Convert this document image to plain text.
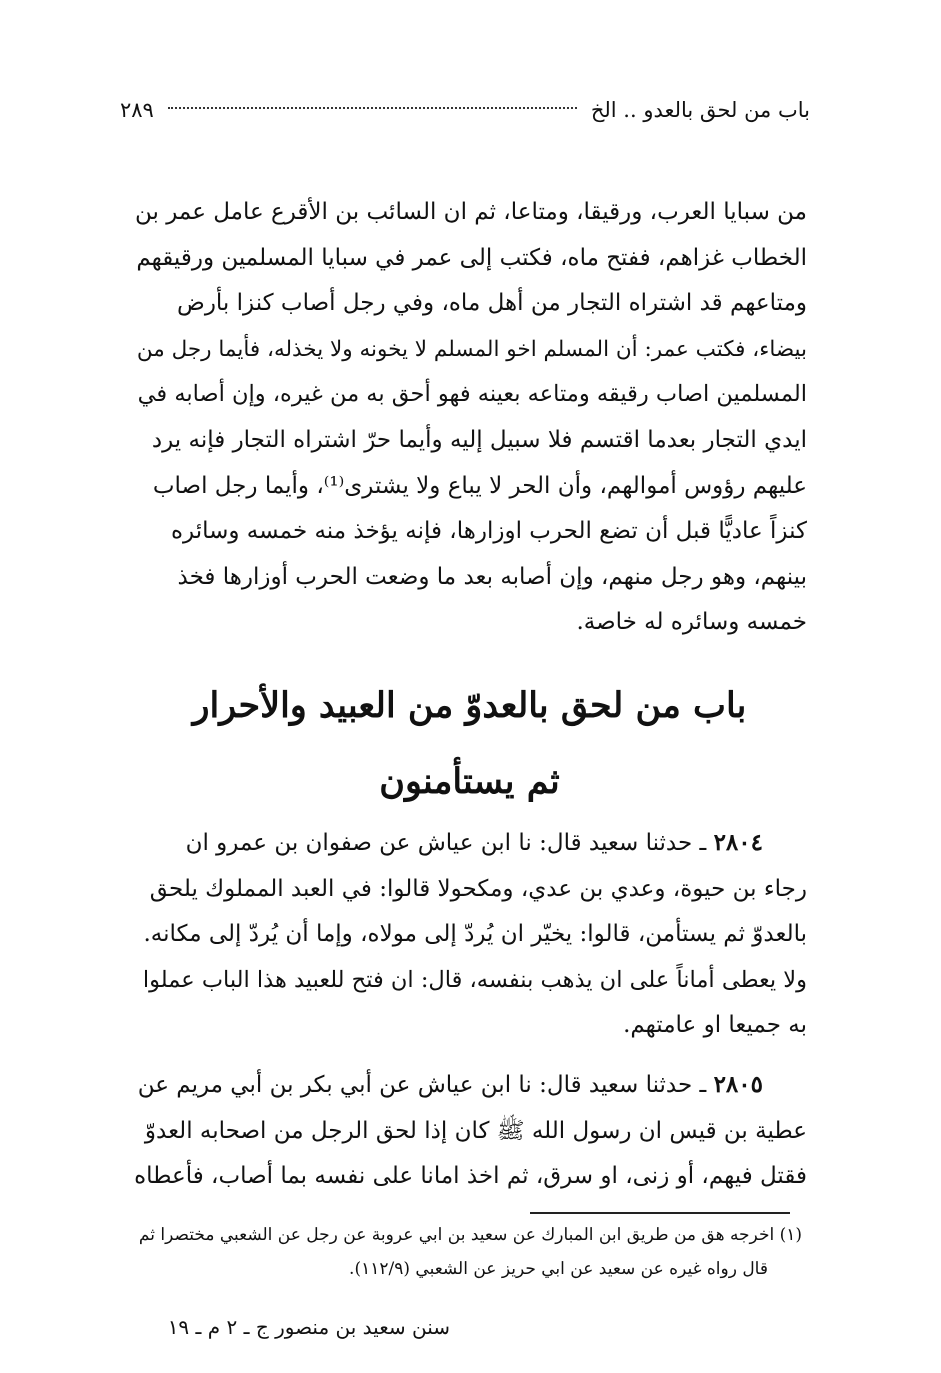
باب من لحق بالعدو .. الخ
٢٨٩

من سبايا العرب، ورقيقا، ومتاعا، ثم ان السائب بن الأقرع عامل عمر بن

الخطاب غزاهم، ففتح ماه، فكتب إلى عمر في سبايا المسلمين ورقيقهم

ومتاعهم قد اشتراه التجار من أهل ماه، وفي رجل أصاب كنزا بأرض

بيضاء، فكتب عمر: أن المسلم اخو المسلم لا يخونه ولا يخذله، فأيما رجل من

المسلمين اصاب رقيقه ومتاعه بعينه فهو أحق به من غيره، وإن أصابه في

ايدي التجار بعدما اقتسم فلا سبيل إليه وأيما حرّ اشتراه التجار فإنه يرد

عليهم رؤوس أموالهم، وأن الحر لا يباع ولا يشترى⁽¹⁾، وأيما رجل اصاب

كنزاً عاديًّا قبل أن تضع الحرب اوزارها، فإنه يؤخذ منه خمسه وسائره

بينهم، وهو رجل منهم، وإن أصابه بعد ما وضعت الحرب أوزارها فخذ

خمسه وسائره له خاصة.

باب من لحق بالعدوّ من العبيد والأحرار
ثم يستأمنون

٢٨٠٤ ـ حدثنا سعيد قال: نا ابن عياش عن صفوان بن عمرو ان

رجاء بن حيوة، وعدي بن عدي، ومكحولا قالوا: في العبد المملوك يلحق

بالعدوّ ثم يستأمن، قالوا: يخيّر ان يُردّ إلى مولاه، وإما أن يُردّ إلى مكانه.

ولا يعطى أماناً على ان يذهب بنفسه، قال: ان فتح للعبيد هذا الباب عملوا

به جميعا او عامتهم.

٢٨٠٥ ـ حدثنا سعيد قال: نا ابن عياش عن أبي بكر بن أبي مريم عن

عطية بن قيس ان رسول الله ﷺ كان إذا لحق الرجل من اصحابه العدوّ

فقتل فيهم، أو زنى، او سرق، ثم اخذ امانا على نفسه بما أصاب، فأعطاه

(١) اخرجه هق من طريق ابن المبارك عن سعيد بن ابي عروبة عن رجل عن الشعبي مختصرا ثم

قال رواه غيره عن سعيد عن ابي حريز عن الشعبي (١١٢/٩).

سنن سعيد بن منصور ج ـ ٢ م ـ ١٩
